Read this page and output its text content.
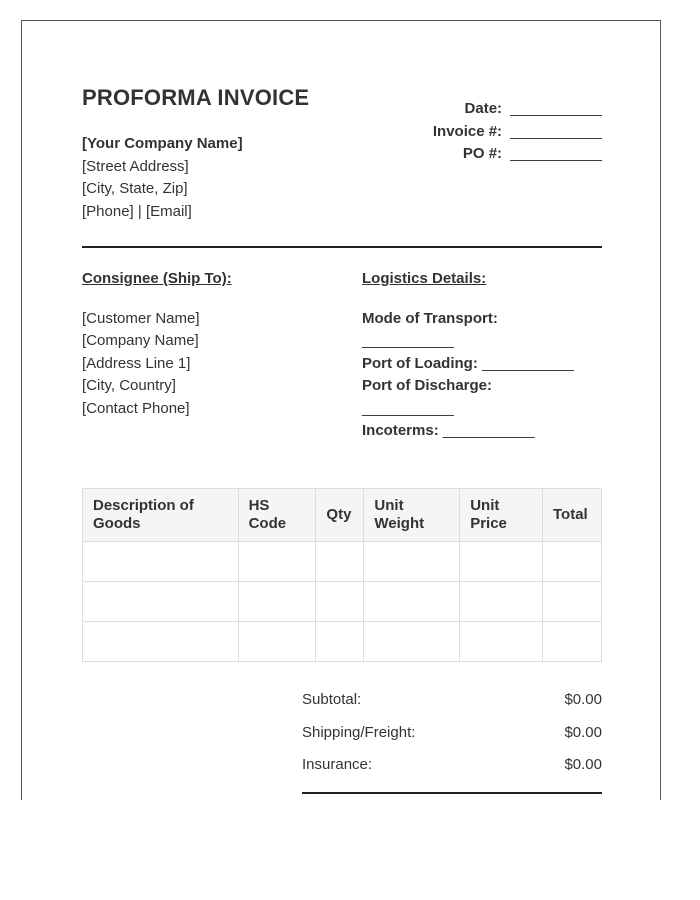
PROFORMA INVOICE
[Your Company Name]
[Street Address]
[City, State, Zip]
[Phone] | [Email]
Date: ___________
Invoice #: ___________
PO #: ___________
Consignee (Ship To):
[Customer Name]
[Company Name]
[Address Line 1]
[City, Country]
[Contact Phone]
Logistics Details:
Mode of Transport:
___________
Port of Loading: ___________
Port of Discharge:
___________
Incoterms: ___________
Description of Goods	HS Code	Qty	Unit Weight	Unit Price	Total

Subtotal:	$0.00
Shipping/Freight:	$0.00
Insurance:	$0.00
